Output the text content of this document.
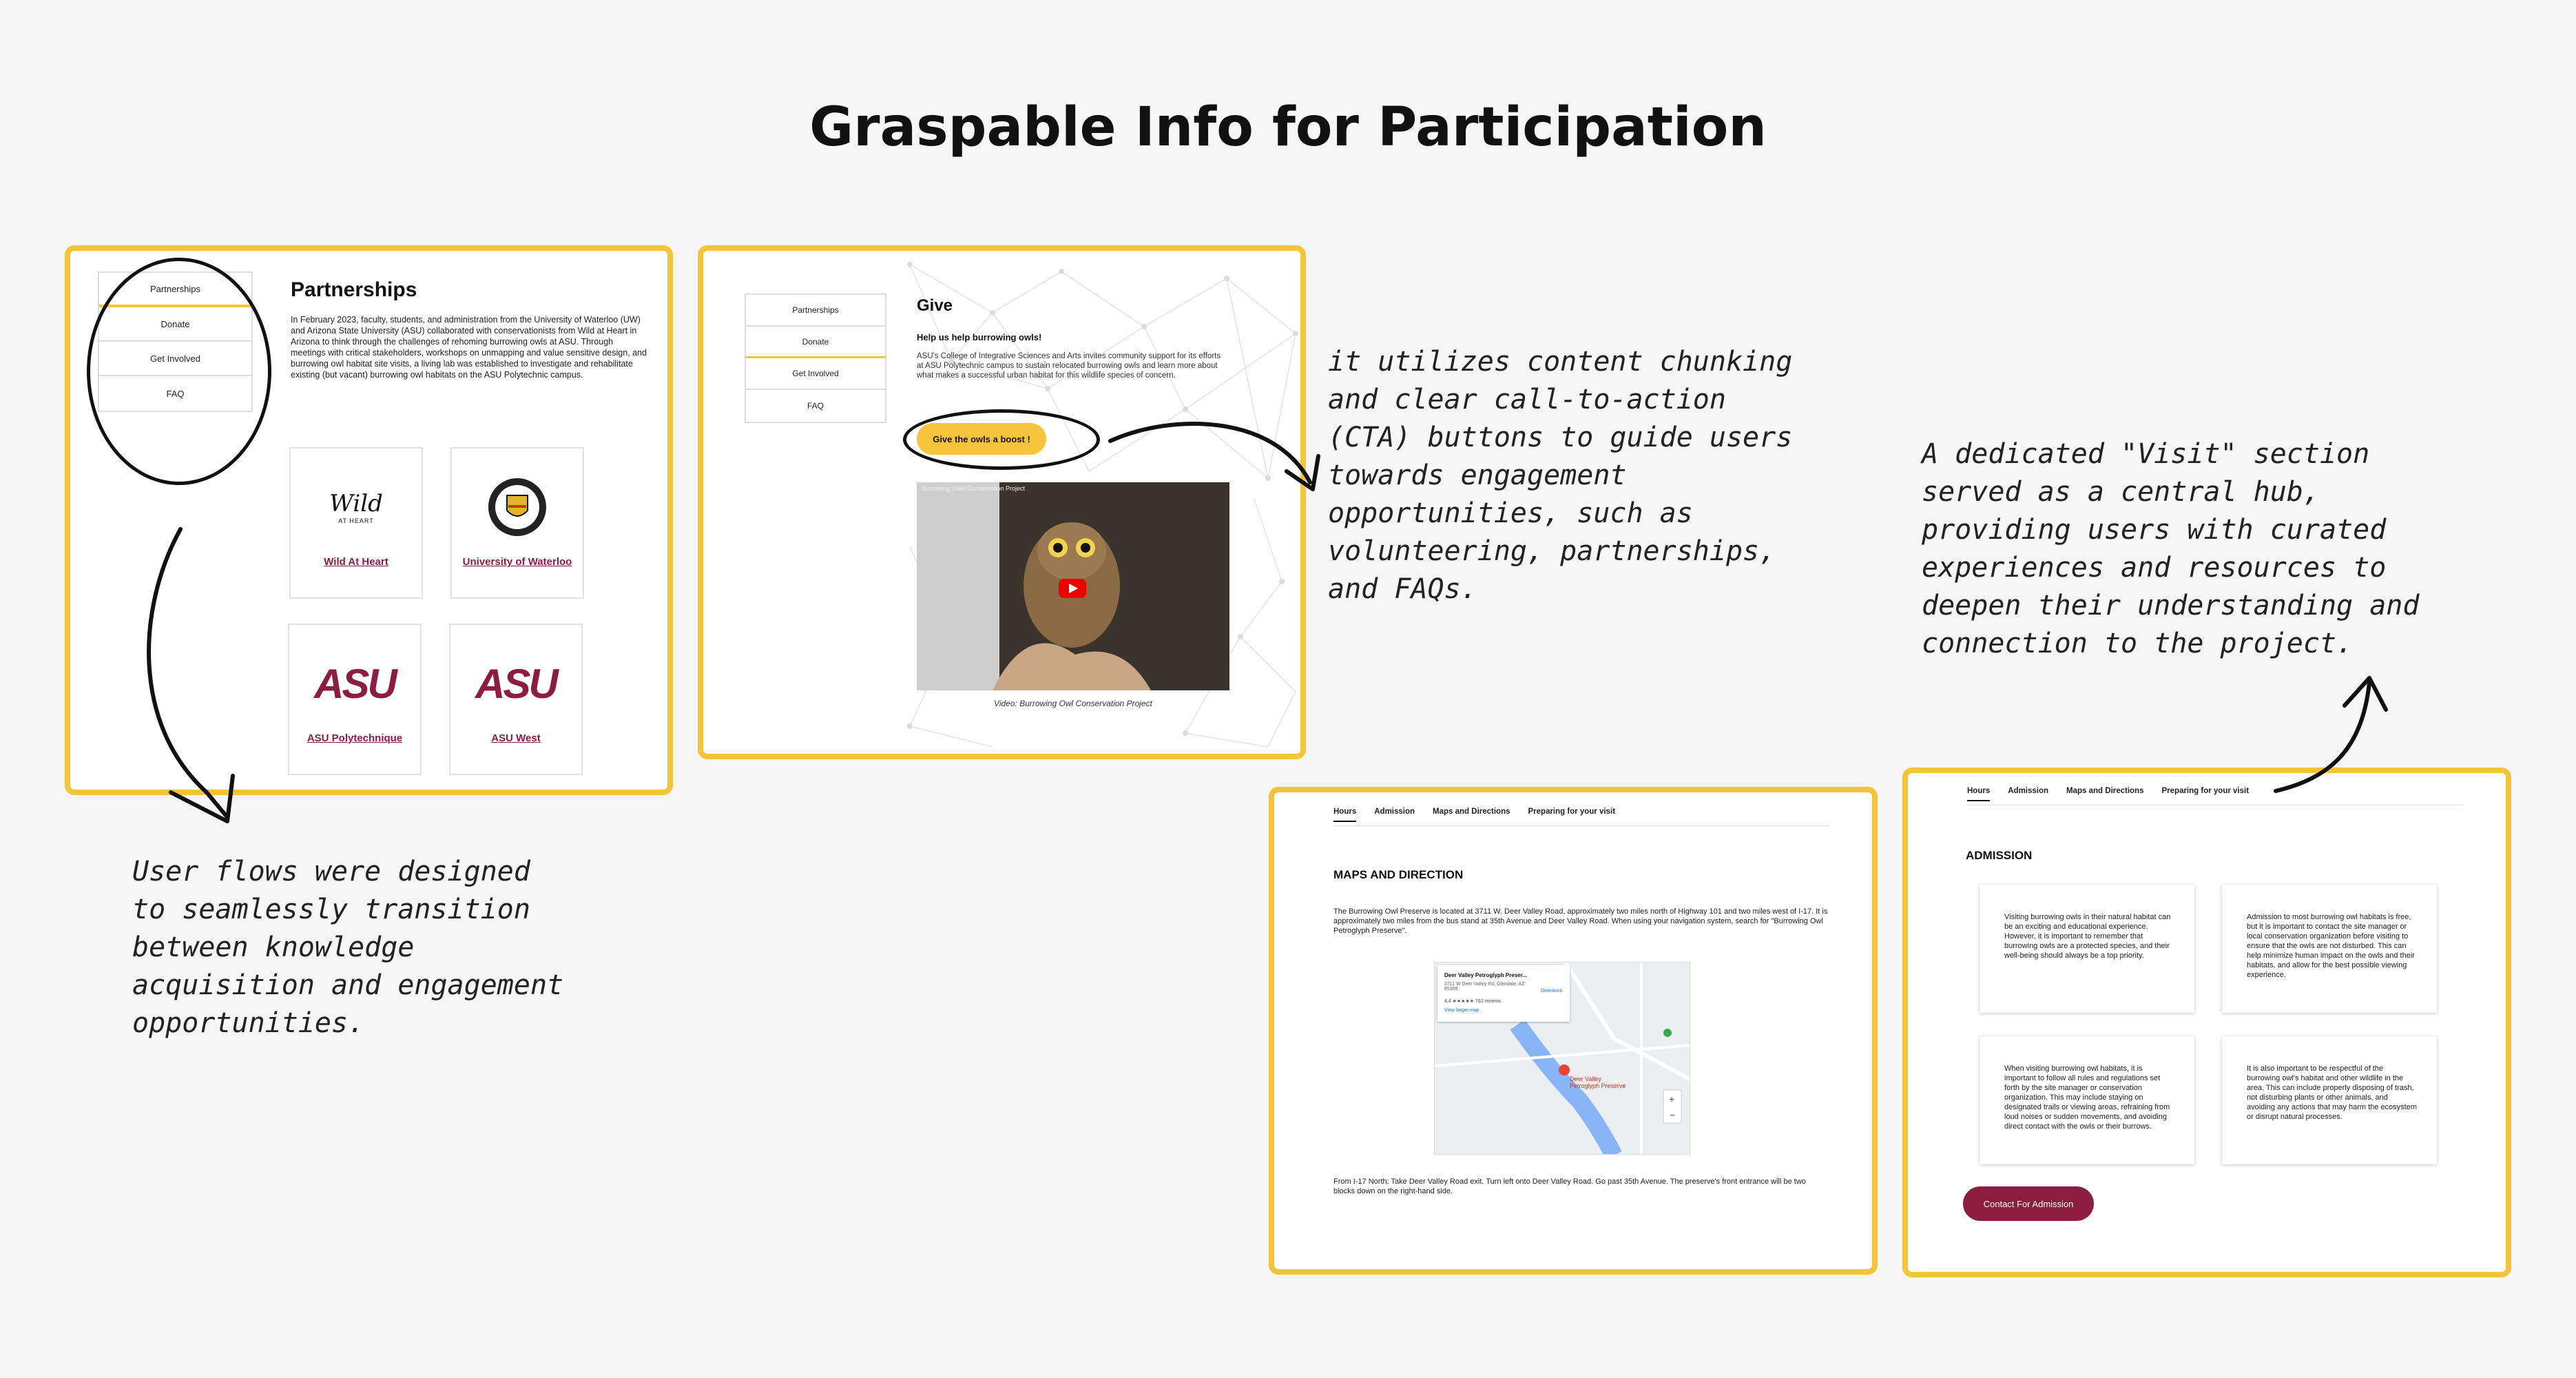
Graspable Info for Participation
Partnerships
Donate
Get Involved
FAQ
Partnerships
In February 2023, faculty, students, and administration from the University of Waterloo (UW) and Arizona State University (ASU) collaborated with conservationists from Wild at Heart in Arizona to think through the challenges of rehoming burrowing owls at ASU. Through meetings with critical stakeholders, workshops on unmapping and value sensitive design, and burrowing owl habitat site visits, a living lab was established to investigate and rehabilitate existing (but vacant) burrowing owl habitats on the ASU Polytechnic campus.
Wild
AT HEART
Wild At Heart	University of Waterloo
ASU
ASU Polytechnique
ASU
ASU West
Partnerships
Donate
Get Involved
FAQ
Give
Help us help burrowing owls!
ASU's College of Integrative Sciences and Arts invites community support for its efforts at ASU Polytechnic campus to sustain relocated burrowing owls and learn more about what makes a successful urban habitat for this wildlife species of concern.
Give the owls a boost !
Burrowing Owls Conservation Project
Video: Burrowing Owl Conservation Project
it utilizes content chunking and clear call-to-action (CTA) buttons to guide users towards engagement opportunities, such as volunteering, partnerships, and FAQs.
A dedicated "Visit" section served as a central hub, providing users with curated experiences and resources to deepen their understanding and connection to the project.
User flows were designed to seamlessly transition between knowledge acquisition and engagement opportunities.
Hours Admission Maps and Directions Preparing for your visit
MAPS AND DIRECTION
The Burrowing Owl Preserve is located at 3711 W. Deer Valley Road, approximately two miles north of Highway 101 and two miles west of I-17. It is approximately two miles from the bus stand at 35th Avenue and Deer Valley Road. When using your navigation system, search for "Burrowing Owl Petroglyph Preserve".
+
−
Deer Valley Petroglyph Preser...
3711 W Deer Valley Rd, Glendale, AZ 85308
4.4 ★★★★★ 762 reviews
View larger map
Directions
Deer Valley Petroglyph Preserve
From I-17 North: Take Deer Valley Road exit. Turn left onto Deer Valley Road. Go past 35th Avenue. The preserve's front entrance will be two blocks down on the right-hand side.
Hours Admission Maps and Directions Preparing for your visit
ADMISSION

Visiting burrowing owls in their natural habitat can be an exciting and educational experience. However, it is important to remember that burrowing owls are a protected species, and their well-being should always be a top priority.

Admission to most burrowing owl habitats is free, but it is important to contact the site manager or local conservation organization before visiting to ensure that the owls are not disturbed. This can help minimize human impact on the owls and their habitats, and allow for the best possible viewing experience.

When visiting burrowing owl habitats, it is important to follow all rules and regulations set forth by the site manager or conservation organization. This may include staying on designated trails or viewing areas, refraining from loud noises or sudden movements, and avoiding direct contact with the owls or their burrows.

It is also important to be respectful of the burrowing owl's habitat and other wildlife in the area. This can include properly disposing of trash, not disturbing plants or other animals, and avoiding any actions that may harm the ecosystem or disrupt natural processes.

Contact For Admission
